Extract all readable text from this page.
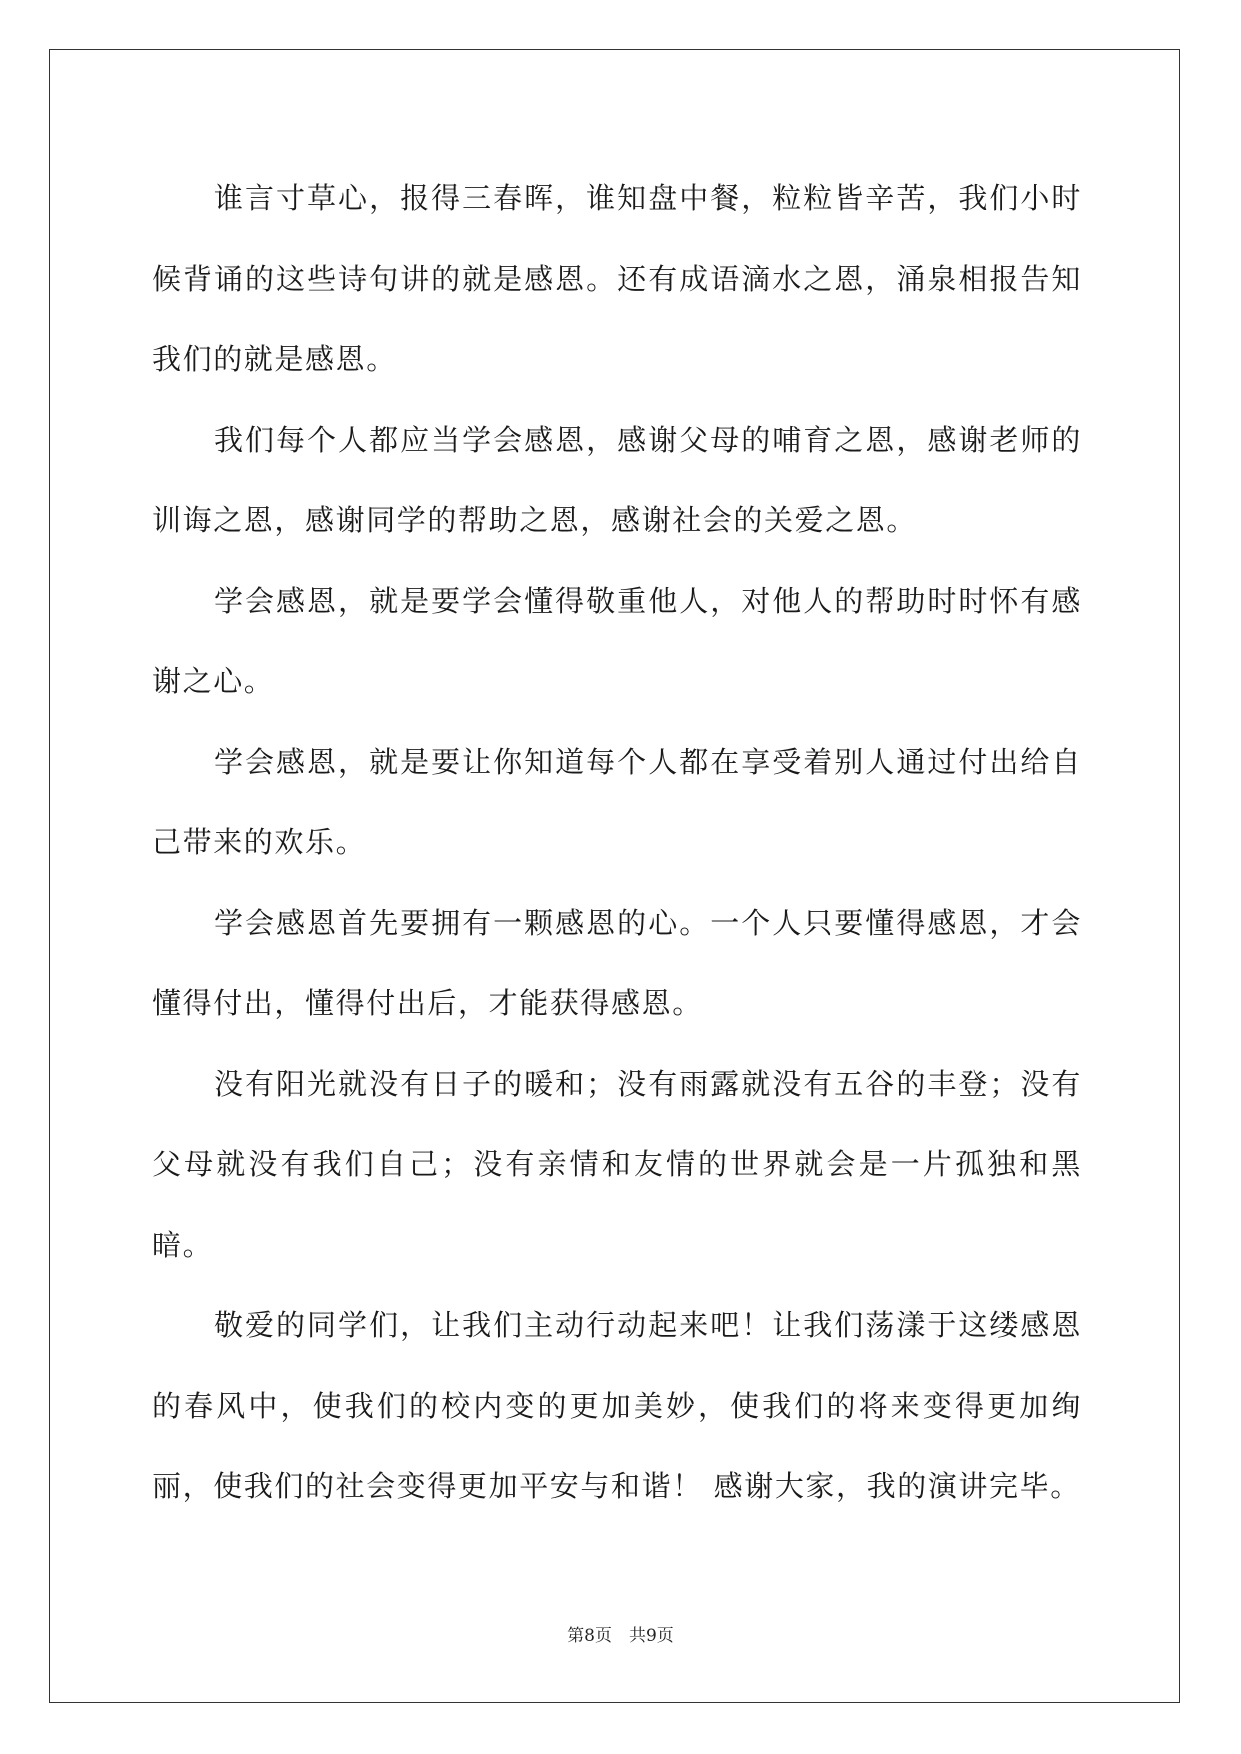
谁言寸草心，报得三春晖，谁知盘中餐，粒粒皆辛苦，我们小时候背诵的这些诗句讲的就是感恩。还有成语滴水之恩，涌泉相报告知我们的就是感恩。

我们每个人都应当学会感恩，感谢父母的哺育之恩，感谢老师的训诲之恩，感谢同学的帮助之恩，感谢社会的关爱之恩。

学会感恩，就是要学会懂得敬重他人，对他人的帮助时时怀有感谢之心。

学会感恩，就是要让你知道每个人都在享受着别人通过付出给自己带来的欢乐。

学会感恩首先要拥有一颗感恩的心。一个人只要懂得感恩，才会懂得付出，懂得付出后，才能获得感恩。

没有阳光就没有日子的暖和；没有雨露就没有五谷的丰登；没有父母就没有我们自己；没有亲情和友情的世界就会是一片孤独和黑暗。

敬爱的同学们，让我们主动行动起来吧！让我们荡漾于这缕感恩的春风中，使我们的校内变的更加美妙，使我们的将来变得更加绚丽，使我们的社会变得更加平安与和谐！ 感谢大家，我的演讲完毕。

第8页　共9页
